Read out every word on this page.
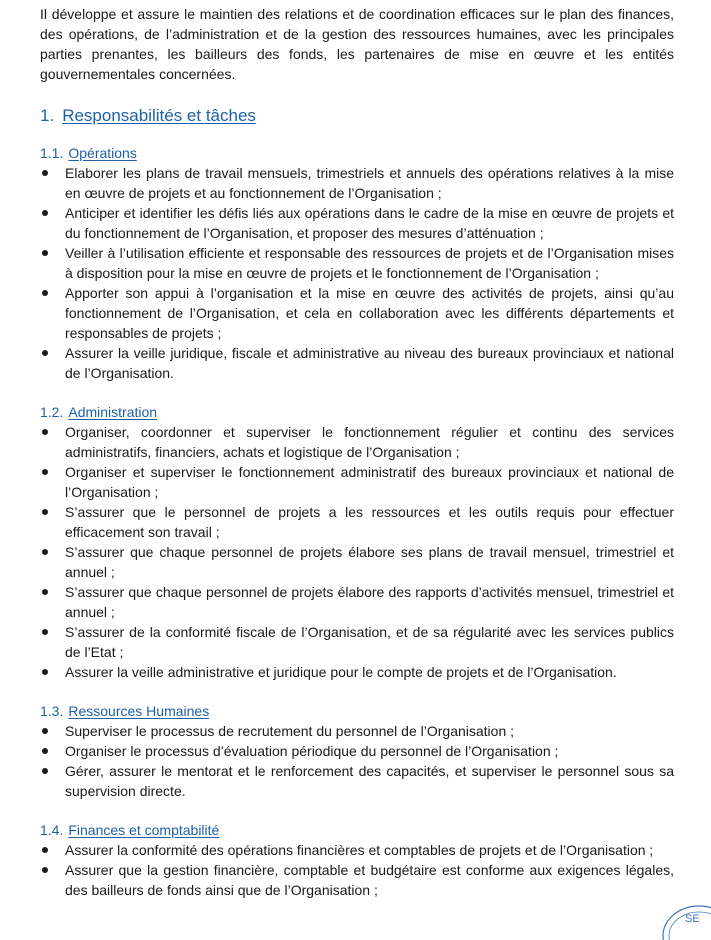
Il développe et assure le maintien des relations et de coordination efficaces sur le plan des finances, des opérations, de l’administration et de la gestion des ressources humaines, avec les principales parties prenantes, les bailleurs des fonds, les partenaires de mise en œuvre et les entités gouvernementales concernées.

1. Responsabilités et tâches
1.1. Opérations
Elaborer les plans de travail mensuels, trimestriels et annuels des opérations relatives à la mise en œuvre de projets et au fonctionnement de l’Organisation ;
Anticiper et identifier les défis liés aux opérations dans le cadre de la mise en œuvre de projets et du fonctionnement de l’Organisation, et proposer des mesures d’atténuation ;
Veiller à l’utilisation efficiente et responsable des ressources de projets et de l’Organisation mises à disposition pour la mise en œuvre de projets et le fonctionnement de l’Organisation ;
Apporter son appui à l’organisation et la mise en œuvre des activités de projets, ainsi qu’au fonctionnement de l’Organisation, et cela en collaboration avec les différents départements et responsables de projets ;
Assurer la veille juridique, fiscale et administrative au niveau des bureaux provinciaux et national de l’Organisation.
1.2. Administration
Organiser, coordonner et superviser le fonctionnement régulier et continu des services administratifs, financiers, achats et logistique de l’Organisation ;
Organiser et superviser le fonctionnement administratif des bureaux provinciaux et national de l’Organisation ;
S’assurer que le personnel de projets a les ressources et les outils requis pour effectuer efficacement son travail ;
S’assurer que chaque personnel de projets élabore ses plans de travail mensuel, trimestriel et annuel ;
S’assurer que chaque personnel de projets élabore des rapports d’activités mensuel, trimestriel et annuel ;
S’assurer de la conformité fiscale de l’Organisation, et de sa régularité avec les services publics de l’Etat ;
Assurer la veille administrative et juridique pour le compte de projets et de l’Organisation.
1.3. Ressources Humaines
Superviser le processus de recrutement du personnel de l’Organisation ;
Organiser le processus d’évaluation périodique du personnel de l’Organisation ;
Gérer, assurer le mentorat et le renforcement des capacités, et superviser le personnel sous sa supervision directe.
1.4. Finances et comptabilité
Assurer la conformité des opérations financières et comptables de projets et de l’Organisation ;
Assurer que la gestion financière, comptable et budgétaire est conforme aux exigences légales, des bailleurs de fonds ainsi que de l’Organisation ;
SE
